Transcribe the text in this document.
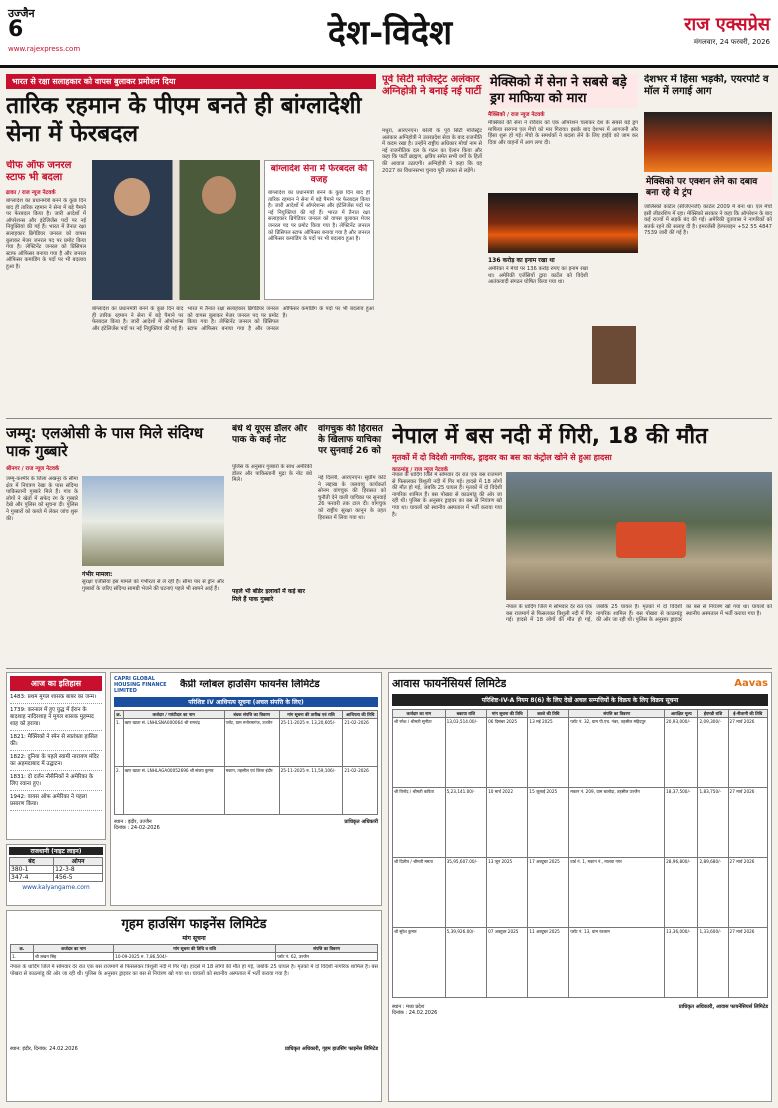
उज्जैन
6
www.rajexpress.com	देश-विदेश	राज एक्सप्रेस
मंगलवार, 24 फरवरी, 2026
भारत से रक्षा सलाहकार को वापस बुलाकर प्रमोशन दिया
तारिक रहमान के पीएम बनते ही बांग्लादेशी सेना में फेरबदल
चीफ ऑफ जनरल स्टाफ भी बदला
ढाका / राज न्यूज नेटवर्क
बांग्लादेश का प्रधानमंत्री बनने के कुछ दिन बाद ही तारिक रहमान ने सेना में बड़े पैमाने पर फेरबदल किया है। जारी आदेशों में ऑपरेशन्स और इंटेलिजेंस पदों पर नई नियुक्तियां की गई हैं। भारत में तैनात रक्षा सलाहकार ब्रिगेडियर जनरल को वापस बुलाकर मेजर जनरल पद पर प्रमोट किया गया है। लेफ्टिनेंट जनरल को प्रिंसिपल स्टाफ ऑफिसर बनाया गया है और जनरल ऑफिसर कमांडिंग के पदों पर भी बदलाव हुआ है।
बांग्लादेश सेना में फेरबदल की वजह
बांग्लादेश का प्रधानमंत्री बनने के कुछ दिन बाद ही तारिक रहमान ने सेना में बड़े पैमाने पर फेरबदल किया है। जारी आदेशों में ऑपरेशन्स और इंटेलिजेंस पदों पर नई नियुक्तियां की गई हैं। भारत में तैनात रक्षा सलाहकार ब्रिगेडियर जनरल को वापस बुलाकर मेजर जनरल पद पर प्रमोट किया गया है। लेफ्टिनेंट जनरल को प्रिंसिपल स्टाफ ऑफिसर बनाया गया है और जनरल ऑफिसर कमांडिंग के पदों पर भी बदलाव हुआ है।
बांग्लादेश का प्रधानमंत्री बनने के कुछ दिन बाद ही तारिक रहमान ने सेना में बड़े पैमाने पर फेरबदल किया है। जारी आदेशों में ऑपरेशन्स और इंटेलिजेंस पदों पर नई नियुक्तियां की गई हैं। भारत में तैनात रक्षा सलाहकार ब्रिगेडियर जनरल को वापस बुलाकर मेजर जनरल पद पर प्रमोट किया गया है। लेफ्टिनेंट जनरल को प्रिंसिपल स्टाफ ऑफिसर बनाया गया है और जनरल ऑफिसर कमांडिंग के पदों पर भी बदलाव हुआ है।
पूर्व सिटी मजिस्ट्रेट अलंकार अग्निहोत्री ने बनाई नई पार्टी
मथुरा, आरएनएन। बरेली के पूर्व सिटी मजिस्ट्रेट अलंकार अग्निहोत्री ने उत्तरप्रदेश सेवा के बाद राजनीति में कदम रखा है। उन्होंने राष्ट्रीय अधिकार मोर्चा नाम से नई राजनीतिक दल के गठन का ऐलान किया और कहा कि पार्टी ब्राह्मण, क्षत्रिय समेत सभी वर्गों के हितों की आवाज उठाएगी। अग्निहोत्री ने कहा कि वह 2027 का विधानसभा चुनाव पूरी ताकत से लड़ेंगे।
मेक्सिको में सेना ने सबसे बड़े ड्रग माफिया को मारा
मैक्सिको / राज न्यूज नेटवर्क
मेक्सिको की सेना ने रविवार को एक ऑपरेशन चलाकर देश के सबसे बड़े ड्रग माफिया सरगना एल मेंचो को मार गिराया। इसके बाद देशभर में आगजनी और हिंसा शुरू हो गई। मेंचो के समर्थकों ने बदला लेने के लिए हाईवे को जाम कर दिया और वाहनों में आग लगा दी।
136 करोड़ का इनाम रखा था
अमेरिका ने मेंचो पर 136 करोड़ रुपए का इनाम रखा था। अमेरिकी एजेंसियों द्वारा कार्टेल को विदेशी आतंकवादी संगठन घोषित किया गया था।
देशभर में हिंसा भड़की, एयरपोर्ट व मॉल में लगाई आग
मेक्सिको पर एक्शन लेने का दबाव बना रहे थे ट्रंप
जालिस्को कार्टेल (सीजेएनजी) कार्टेल 2009 में बना था। एल मेंचो इसी लीडरशिप में रहा। मेक्सिको सरकार ने कहा कि ऑपरेशन के बाद कई राज्यों में सड़कें बंद की गई। अमेरिकी दूतावास ने नागरिकों को सतर्क रहने की सलाह दी है। इमरजेंसी हेल्पलाइन +52 55 4847 7539 जारी की गई है।
जम्मू: एलओसी के पास मिले संदिग्ध पाक गुब्बारे
श्रीनगर / राज न्यूज नेटवर्क
जम्मू-कश्मीर के जिला अखनूर के सीमा क्षेत्र में नियंत्रण रेखा के पास संदिग्ध पाकिस्तानी गुब्बारे मिले हैं। गांव के लोगों ने खेतों में सफेद रंग के गुब्बारे देखे और पुलिस को सूचना दी। पुलिस ने गुब्बारों को कब्जे में लेकर जांच शुरू की।
गंभीर मामला:
सुरक्षा एजेंसियां इस मामले को गंभीरता से ले रही हैं। सीमा पार से ड्रोन और गुब्बारों के जरिए संदिग्ध सामग्री भेजने की घटनाएं पहले भी सामने आई हैं।
बंधे थे यूएस डॉलर और पाक के कई नोट
पुलिस के अनुसार गुब्बारों के साथ अमेरिकी डॉलर और पाकिस्तानी मुद्रा के नोट बंधे मिले।
पहले भी बॉर्डर इलाकों में कई बार मिले हैं पाक गुब्बारे
वांगचुक की हिरासत के खिलाफ याचिका पर सुनवाई 26 को
नई दिल्ली, आरएनएन। सुप्रीम कोर्ट ने लद्दाख के जलवायु कार्यकर्ता सोनम वांगचुक की हिरासत को चुनौती देने वाली याचिका पर सुनवाई 26 फरवरी तक टाल दी। वांगचुक को राष्ट्रीय सुरक्षा कानून के तहत हिरासत में लिया गया था।
नेपाल में बस नदी में गिरी, 18 की मौत
मृतकों में दो विदेशी नागरिक, ड्राइवर का बस का कंट्रोल खोने से हुआ हादसा
काठमांडू / राज न्यूज नेटवर्क
नेपाल के धादिंग जिले में सोमवार देर रात एक बस राजमार्ग से फिसलकर त्रिशूली नदी में गिर गई। हादसे में 18 लोगों की मौत हो गई, जबकि 25 घायल हैं। मृतकों में दो विदेशी नागरिक शामिल हैं। बस पोखरा से काठमांडू की ओर जा रही थी। पुलिस के अनुसार ड्राइवर का बस से नियंत्रण खो गया था। घायलों को स्थानीय अस्पताल में भर्ती कराया गया है।
नेपाल के धादिंग जिले में सोमवार देर रात एक बस राजमार्ग से फिसलकर त्रिशूली नदी में गिर गई। हादसे में 18 लोगों की मौत हो गई, जबकि 25 घायल हैं। मृतकों में दो विदेशी नागरिक शामिल हैं। बस पोखरा से काठमांडू की ओर जा रही थी। पुलिस के अनुसार ड्राइवर का बस से नियंत्रण खो गया था। घायलों को स्थानीय अस्पताल में भर्ती कराया गया है।
आज का इतिहास
1483: प्रथम मुगल शासक बाबर का जन्म।
1739: करनाल में हुए युद्ध में ईरान के बादशाह नादिरशाह ने मुगल शासक मुहम्मद शाह को हराया।
1821: मैक्सिको ने स्पेन से स्वतंत्रता हासिल की।
1822: दुनिया के पहले स्वामी नारायण मंदिर का अहमदाबाद में उद्घाटन।
1831: दो दर्जन नौसैनिकों ने अमेरिका के लिए रवाना हुए।
1942: वायस ऑफ अमेरिका ने पहला प्रसारण किया।
राजधानी (नाइट लाइन)
बंद	ओपन
380-1	12-3-8
347-4	456-5
www.kalyangame.com
CAPRI GLOBAL HOUSING FINANCE LIMITED
कैप्री ग्लोबल हाउसिंग फायनेंस लिमिटेड
परिशिष्ट IV आधिपत्य सूचना (अचल संपत्ति के लिए)
क्र.	कर्जदार / गारंटीदार का नाम	बंधक संपत्ति का विवरण	मांग सूचना की तारीख एवं राशि	आधिपत्य की तिथि
1.	ऋण खाता सं. LNHLSNA000064 श्री रामचंद्र	प्लॉट, ग्राम मनोरमागंज, उज्जैन	25-11-2025 रु. 13,20,605/-	21-02-2026
2.	ऋण खाता सं. LNHLAGA00052696 श्री संजय कुमार	मकान, तहसील एवं जिला इंदौर	25-11-2025 रु. 11,59,106/-	21-02-2026
स्थान : इंदौर, उज्जैन
दिनांक : 24-02-2026
प्राधिकृत अधिकारी
गृहम हाउसिंग फाइनेंस लिमिटेड
मांग सूचना
क्र.	कर्जदार का नाम	मांग सूचना की तिथि व राशि	संपत्ति का विवरण
1.	श्री लखन सिंह	10-09-2025 रु. 7,86,504/-	प्लॉट नं. 62, उज्जैन
नेपाल के धादिंग जिले में सोमवार देर रात एक बस राजमार्ग से फिसलकर त्रिशूली नदी में गिर गई। हादसे में 18 लोगों की मौत हो गई, जबकि 25 घायल हैं। मृतकों में दो विदेशी नागरिक शामिल हैं। बस पोखरा से काठमांडू की ओर जा रही थी। पुलिस के अनुसार ड्राइवर का बस से नियंत्रण खो गया था। घायलों को स्थानीय अस्पताल में भर्ती कराया गया है।
स्थान: इंदौर, दिनांक: 24.02.2026	प्राधिकृत अधिकारी, गृहम हाउसिंग फाइनेंस लिमिटेड
आवास फायनेंसियर्स लिमिटेड	Aavas
परिशिष्ट-IV-A नियम 8(6) के लिए देखें अचल सम्पत्तियों के विक्रय के लिए विक्रय सूचना
कर्जदार का नाम	बकाया राशि	मांग सूचना की तिथि	कब्जे की तिथि	संपत्ति का विवरण	आरक्षित मूल्य	ईएमडी राशि	ई-नीलामी की तिथि
श्री रमेश / श्रीमती सुनीता	13,03,514.00/-	06 दिसंबर 2025	13 मई 2025	प्लॉट नं. 32, ग्राम पी.एच. नंबर, तहसील महिदपुर	20,93,000/-	2,09,300/-	27 मार्च 2026
श्री विनोद / श्रीमती कविता	5,23,141.00/-	10 मार्च 2022	15 जुलाई 2025	मकान नं. 209, ग्राम बालोदा, तहसील उज्जैन	18,37,500/-	1,83,750/-	27 मार्च 2026
श्री दिलीप / श्रीमती ममता	35,95,607.00/-	13 जून 2025	17 अक्टूबर 2025	वार्ड नं. 1, मकान नं., मालवा नगर	28,96,800/-	2,89,680/-	27 मार्च 2026
श्री सुरेश कुमार	5,39,926.00/-	07 अक्टूबर 2025	11 अक्टूबर 2025	प्लॉट नं. 13, ग्राम रतलाम	13,36,000/-	1,33,600/-	27 मार्च 2026
स्थान : मध्य प्रदेश
दिनांक : 24.02.2026
प्राधिकृत अधिकारी, आवास फायनेंसियर्स लिमिटेड
